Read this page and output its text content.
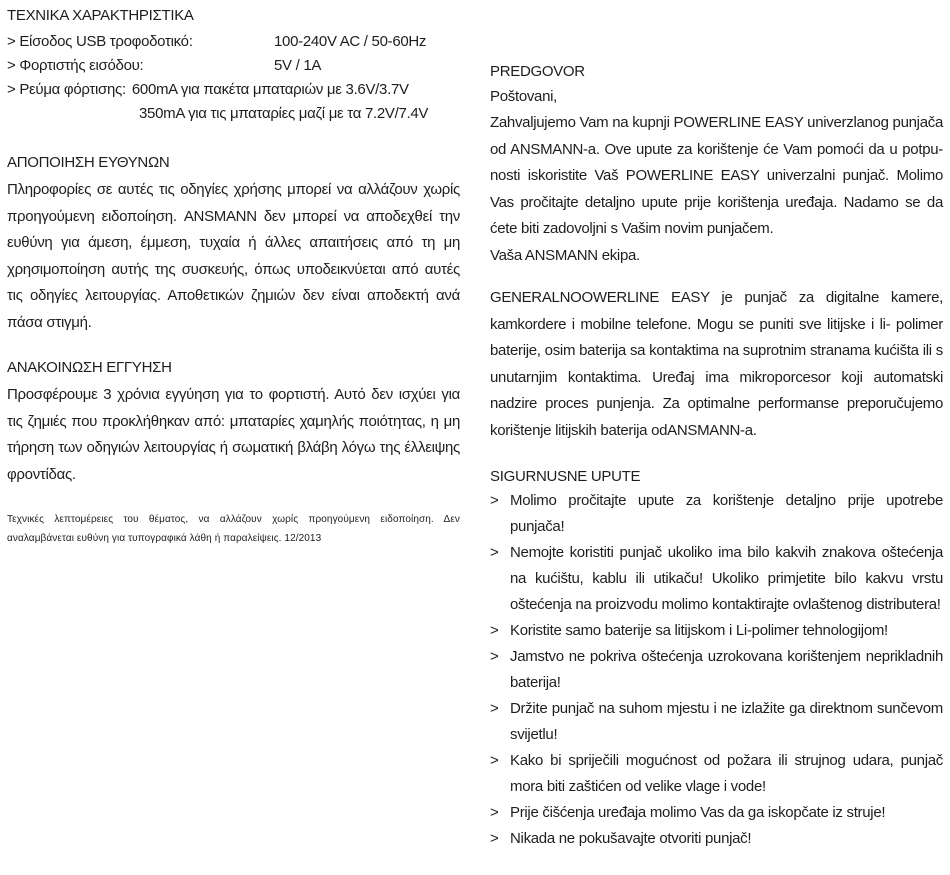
ΤΕΧΝΙΚΑ ΧΑΡΑΚΤΗΡΙΣΤΙΚΑ
> Είσοδος USB τροφοδοτικό:	100-240V AC / 50-60Hz
> Φορτιστής εισόδου:	5V / 1A
> Ρεύμα φόρτισης: 600mA για πακέτα μπαταριών με 3.6V/3.7V
350mA για τις μπαταρίες μαζί με τα 7.2V/7.4V
ΑΠΟΠΟΙΗΣΗ ΕΥΘΥΝΩΝ
Πληροφορίες σε αυτές τις οδηγίες χρήσης μπορεί να αλλάζουν χωρίς προηγούμενη ειδοποίηση. ANSMANN δεν μπορεί να αποδεχθεί την ευθύνη για άμεση, έμμεση, τυχαία ή άλλες απαιτήσεις από τη μη χρησιμοποίηση αυτής της συσκευής, όπως υποδεικνύεται από αυτές τις οδηγίες λειτουργίας. Αποθετικών ζημιών δεν είναι αποδεκτή ανά πάσα στιγμή.
ΑΝΑΚΟΙΝΩΣΗ ΕΓΓΥΗΣΗ
Προσφέρουμε 3 χρόνια εγγύηση για το φορτιστή. Αυτό δεν ισχύει για τις ζημιές που προκλήθηκαν από: μπαταρίες χαμηλής ποιότητας, η μη τήρηση των οδηγιών λειτουργίας ή σωματική βλάβη λόγω της έλλειψης φροντίδας.
Τεχνικές λεπτομέρειες του θέματος, να αλλάζουν χωρίς προηγούμενη ειδοποίηση. Δεν αναλαμβάνεται ευθύνη για τυπογραφικά λάθη ή παραλείψεις. 12/2013
PREDGOVOR
Poštovani,
Zahvaljujemo Vam na kupnji POWERLINE EASY univerzlanog punjača od ANSMANN-a. Ove upute za korištenje će Vam pomoći da u potpu-nosti iskoristite Vaš POWERLINE EASY univerzalni punjač. Molimo Vas pročitajte detaljno upute prije korištenja uređaja. Nadamo se da ćete biti zadovoljni s Vašim novim punjačem.
Vaša ANSMANN ekipa.
GENERALNOOWERLINE EASY je punjač za digitalne kamere, kamkordere i mobilne telefone. Mogu se puniti sve litijske i li- polimer baterije, osim baterija sa kontaktima na suprotnim stranama kućišta ili s unutarnjim kontaktima. Uređaj ima mikroporcesor koji automatski nadzire proces punjenja. Za optimalne performanse preporučujemo korištenje litijskih baterija odANSMANN-a.
SIGURNUSNE UPUTE
> Molimo pročitajte upute za korištenje detaljno prije upotrebe punjača!
> Nemojte koristiti punjač ukoliko ima bilo kakvih znakova oštećenja na kućištu, kablu ili utikaču! Ukoliko primjetite bilo kakvu vrstu oštećenja na proizvodu molimo kontaktirajte ovlaštenog distributera!
> Koristite samo baterije sa litijskom i Li-polimer tehnologijom!
> Jamstvo ne pokriva oštećenja uzrokovana korištenjem neprikladnih baterija!
> Držite punjač na suhom mjestu i ne izlažite ga direktnom sunčevom svijetlu!
> Kako bi spriječili mogućnost od požara ili strujnog udara, punjač mora biti zaštićen od velike vlage i vode!
> Prije čišćenja uređaja molimo Vas da ga iskopčate iz struje!
> Nikada ne pokušavajte otvoriti punjač!
